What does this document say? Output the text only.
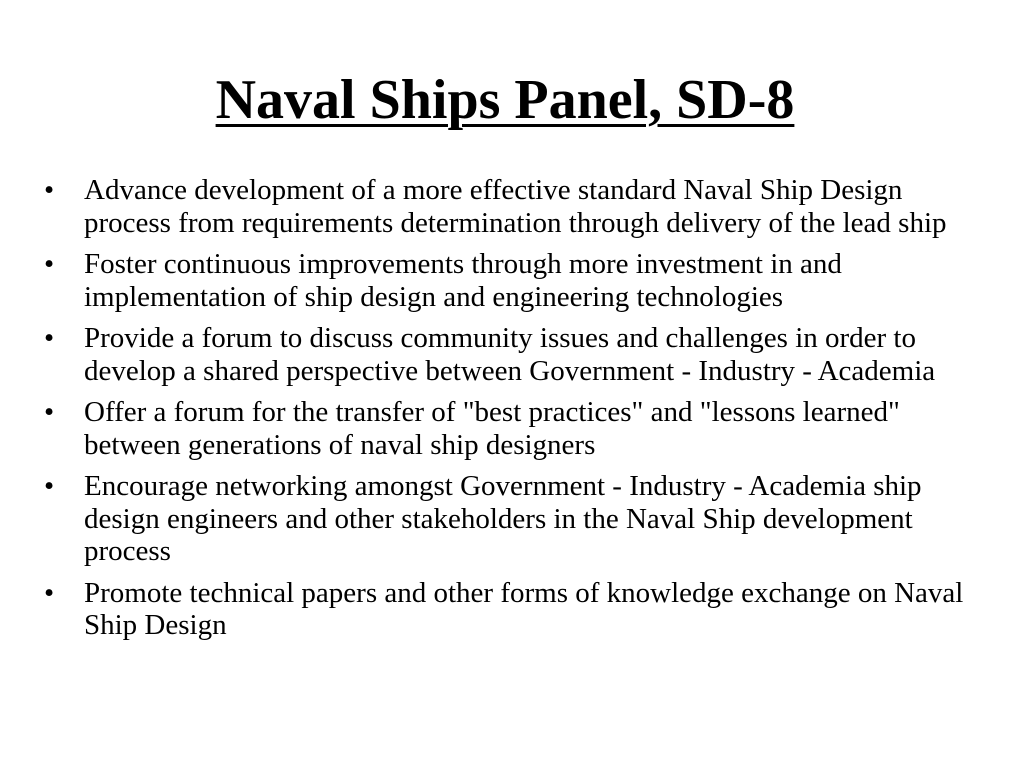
Naval Ships Panel, SD-8
•	Advance development of a more effective standard Naval Ship Design process from requirements determination through delivery of the lead ship
•	Foster continuous improvements through more investment in and implementation of ship design and engineering technologies
•	Provide a forum to discuss community issues and challenges in order to develop a shared perspective between Government - Industry - Academia
•	Offer a forum for the transfer of "best practices" and "lessons learned" between generations of naval ship designers
•	Encourage networking amongst Government - Industry - Academia ship design engineers and other stakeholders in the Naval Ship development process
•	Promote technical papers and other forms of knowledge exchange on Naval Ship Design
